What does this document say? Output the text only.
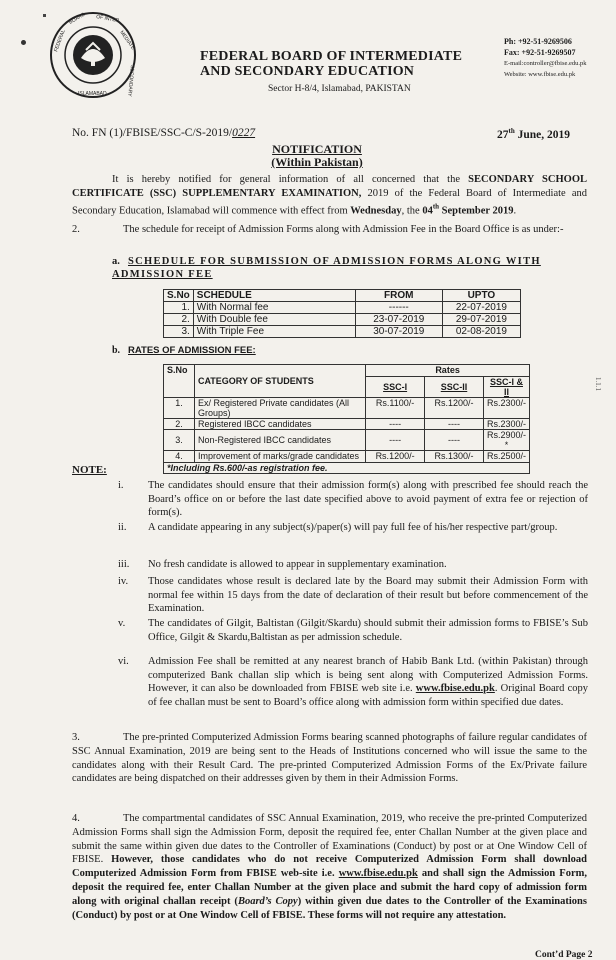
FEDERAL
BOARD OF INTER
MEDIATE
SECONDARY
ISLAMABAD
FEDERAL BOARD OF INTERMEDIATE
AND SECONDARY EDUCATION
Sector H-8/4, Islamabad, PAKISTAN
Ph: +92-51-9269506
Fax: +92-51-9269507
E-mail:controller@fbise.edu.pk
Website: www.fbise.edu.pk
No. FN (1)/FBISE/SSC-C/S-2019/0227	27th June, 2019
NOTIFICATION
(Within Pakistan)
It is hereby notified for general information of all concerned that the SECONDARY SCHOOL CERTIFICATE (SSC) SUPPLEMENTARY EXAMINATION, 2019 of the Federal Board of Intermediate and Secondary Education, Islamabad will commence with effect from Wednesday, the 04th September 2019.
2.	The schedule for receipt of Admission Forms along with Admission Fee in the Board Office is as under:-
a. SCHEDULE FOR SUBMISSION OF ADMISSION FORMS ALONG WITH ADMISSION FEE
S.No	SCHEDULE	FROM	UPTO
1.	With Normal fee	------	22-07-2019
2.	With Double fee	23-07-2019	29-07-2019
3.	With Triple Fee	30-07-2019	02-08-2019
b. RATES OF ADMISSION FEE:
S.No	CATEGORY OF STUDENTS	Rates		
		SSC-I	SSC-II	SSC-I & II
1.	Ex/ Registered Private candidates (All Groups)	Rs.1100/-	Rs.1200/-	Rs.2300/-
2.	Registered IBCC candidates	----	----	Rs.2300/-
3.	Non-Registered IBCC candidates	----	----	Rs.2900/-*
4.	Improvement of marks/grade candidates	Rs.1200/-	Rs.1300/-	Rs.2500/-
*Including Rs.600/-as registration fee.				
NOTE:
i.	The candidates should ensure that their admission form(s) along with prescribed fee should reach the Board’s office on or before the last date specified above to avoid payment of extra fee or rejection of form(s).
ii.	A candidate appearing in any subject(s)/paper(s) will pay full fee of his/her respective part/group.
iii.	No fresh candidate is allowed to appear in supplementary examination.
iv.	Those candidates whose result is declared late by the Board may submit their Admission Form with normal fee within 15 days from the date of declaration of their result but before commencement of the Examination.
v.	The candidates of Gilgit, Baltistan (Gilgit/Skardu) should submit their admission forms to FBISE’s Sub Office, Gilgit & Skardu,Baltistan as per admission schedule.
vi.	Admission Fee shall be remitted at any nearest branch of Habib Bank Ltd. (within Pakistan) through computerized Bank challan slip which is being sent along with Computerized Admission Forms. However, it can also be downloaded from FBISE web site i.e. www.fbise.edu.pk. Original Board copy of fee challan must be sent to Board’s office along with admission form within specified due dates.
3.	The pre-printed Computerized Admission Forms bearing scanned photographs of failure regular candidates of SSC Annual Examination, 2019 are being sent to the Heads of Institutions concerned who will issue the same to the candidates along with their Result Card. The pre-printed Computerized Admission Forms of the Ex/Private failure candidates are being dispatched on their addresses given by them in their Admission Forms.
4.	The compartmental candidates of SSC Annual Examination, 2019, who receive the pre-printed Computerized Admission Forms shall sign the Admission Form, deposit the required fee, enter Challan Number at the given place and submit the same within given due dates to the Controller of Examinations (Conduct) by post or at One Window Cell of FBISE. However, those candidates who do not receive Computerized Admission Form shall download Computerized Admission Form from FBISE web-site i.e. www.fbise.edu.pk and shall sign the Admission Form, deposit the required fee, enter Challan Number at the given place and submit the hard copy of admission form along with original challan receipt (Board’s Copy) within given due dates to the Controller of the Examinations (Conduct) by post or at One Window Cell of FBISE. These forms will not require any attestation.
Cont’d Page 2
1.1.1
